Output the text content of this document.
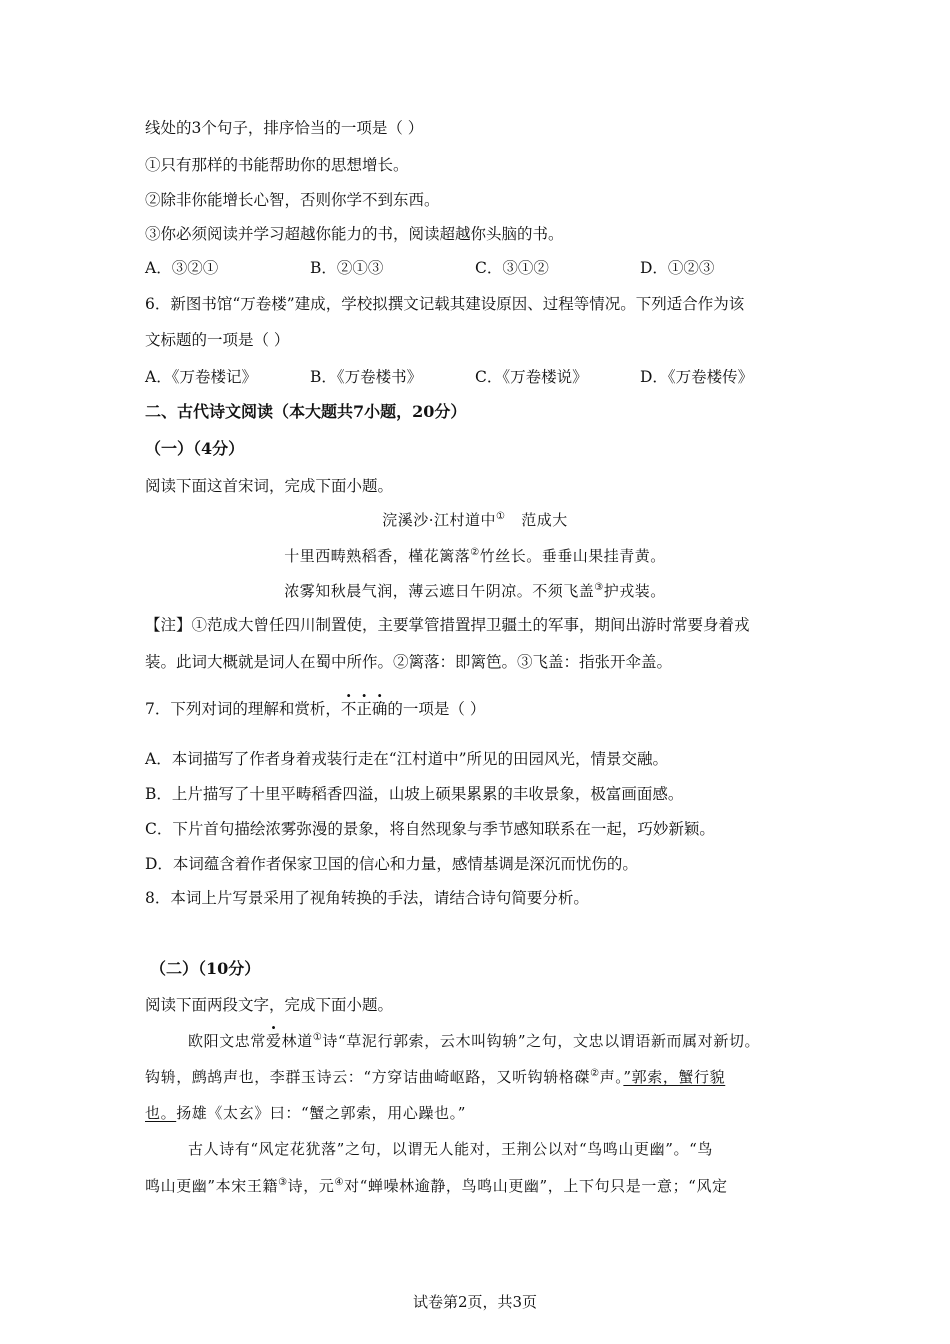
线处的3个句子，排序恰当的一项是（ ）
①只有那样的书能帮助你的思想增长。
②除非你能增长心智，否则你学不到东西。
③你必须阅读并学习超越你能力的书，阅读超越你头脑的书。
A．③②①	B．②①③	C．③①②	D．①②③
6．新图书馆“万卷楼”建成，学校拟撰文记载其建设原因、过程等情况。下列适合作为该
文标题的一项是（ ）
A．《万卷楼记》	B．《万卷楼书》	C．《万卷楼说》	D．《万卷楼传》
二、古代诗文阅读（本大题共7小题，20分）
（一）（4分）
阅读下面这首宋词，完成下面小题。
浣溪沙·江村道中①   范成大
十里西畴熟稻香，槿花篱落②竹丝长。垂垂山果挂青黄。
浓雾知秋晨气润，薄云遮日午阴凉。不须飞盖③护戎装。
【注】①范成大曾任四川制置使，主要掌管措置捍卫疆土的军事，期间出游时常要身着戎
装。此词大概就是词人在蜀中所作。②篱落：即篱笆。③飞盖：指张开伞盖。
7．下列对词的理解和赏析，不正确的一项是（ ）
A．本词描写了作者身着戎装行走在“江村道中”所见的田园风光，情景交融。
B．上片描写了十里平畴稻香四溢，山坡上硕果累累的丰收景象，极富画面感。
C．下片首句描绘浓雾弥漫的景象，将自然现象与季节感知联系在一起，巧妙新颖。
D．本词蕴含着作者保家卫国的信心和力量，感情基调是深沉而忧伤的。
8．本词上片写景采用了视角转换的手法，请结合诗句简要分析。
（二）（10分）
阅读下面两段文字，完成下面小题。
欧阳文忠常爱林道①诗“草泥行郭索，云木叫钩辀”之句，文忠以谓语新而属对新切。
钩辀，鹧鸪声也，李群玉诗云：“方穿诘曲崎岖路，又听钩辀格磔②声。”郭索，蟹行貌
也。扬雄《太玄》曰：“蟹之郭索，用心躁也。”
古人诗有“风定花犹落”之句，以谓无人能对，王荆公以对“鸟鸣山更幽”。“鸟
鸣山更幽”本宋王籍③诗，元④对“蝉噪林逾静，鸟鸣山更幽”，上下句只是一意；“风定
试卷第2页，共3页
